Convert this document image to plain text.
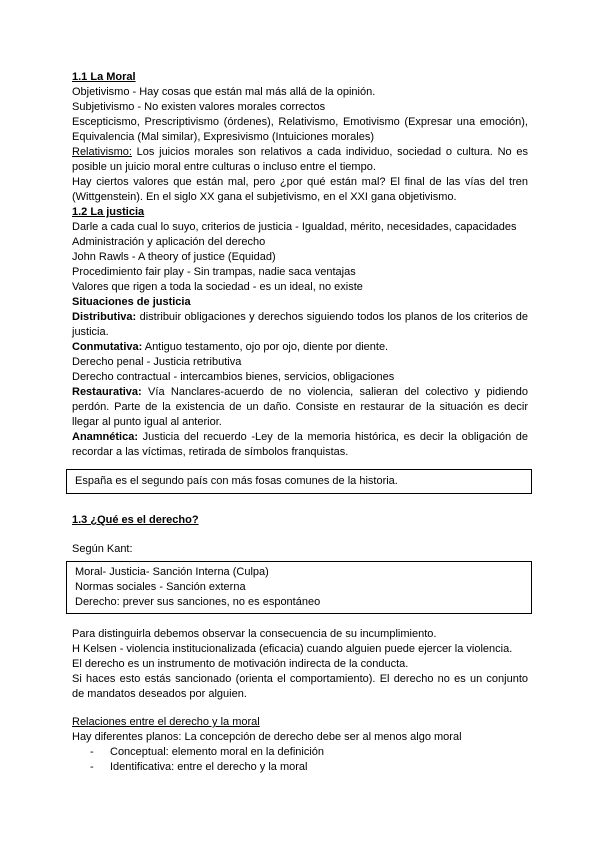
1.1 La Moral

Objetivismo - Hay cosas que están mal más allá de la opinión.

Subjetivismo - No existen valores morales correctos

Escepticismo, Prescriptivismo (órdenes), Relativismo, Emotivismo (Expresar una emoción), Equivalencia (Mal similar), Expresivismo (Intuiciones morales)

Relativismo: Los juicios morales son relativos a cada individuo, sociedad o cultura. No es posible un juicio moral entre culturas o incluso entre el tiempo.

Hay ciertos valores que están mal, pero ¿por qué están mal? El final de las vías del tren (Wittgenstein). En el siglo XX gana el subjetivismo, en el XXI gana objetivismo.

1.2 La justicia

Darle a cada cual lo suyo, criterios de justicia - Igualdad, mérito, necesidades, capacidades

Administración y aplicación del derecho

John Rawls - A theory of justice (Equidad)

Procedimiento fair play - Sin trampas, nadie saca ventajas

Valores que rigen a toda la sociedad - es un ideal, no existe

Situaciones de justicia

Distributiva: distribuir obligaciones y derechos siguiendo todos los planos de los criterios de justicia.

Conmutativa: Antiguo testamento, ojo por ojo, diente por diente.

Derecho penal - Justicia retributiva

Derecho contractual - intercambios bienes, servicios, obligaciones

Restaurativa: Vía Nanclares-acuerdo de no violencia, salieran del colectivo y pidiendo perdón. Parte de la existencia de un daño. Consiste en restaurar de la situación es decir llegar al punto igual al anterior.

Anamnética: Justicia del recuerdo -Ley de la memoria histórica, es decir la obligación de recordar a las víctimas, retirada de símbolos franquistas.

España es el segundo país con más fosas comunes de la historia.

1.3 ¿Qué es el derecho?

Según Kant:

Moral- Justicia- Sanción Interna (Culpa)

Normas sociales - Sanción externa

Derecho: prever sus sanciones, no es espontáneo

Para distinguirla debemos observar la consecuencia de su incumplimiento.

H Kelsen - violencia institucionalizada (eficacia) cuando alguien puede ejercer la violencia.

El derecho es un instrumento de motivación indirecta de la conducta.

Si haces esto estás sancionado (orienta el comportamiento). El derecho no es un conjunto de mandatos deseados por alguien.

Relaciones entre el derecho y la moral

Hay diferentes planos: La concepción de derecho debe ser al menos algo moral

-	Conceptual: elemento moral en la definición
-	Identificativa: entre el derecho y la moral
